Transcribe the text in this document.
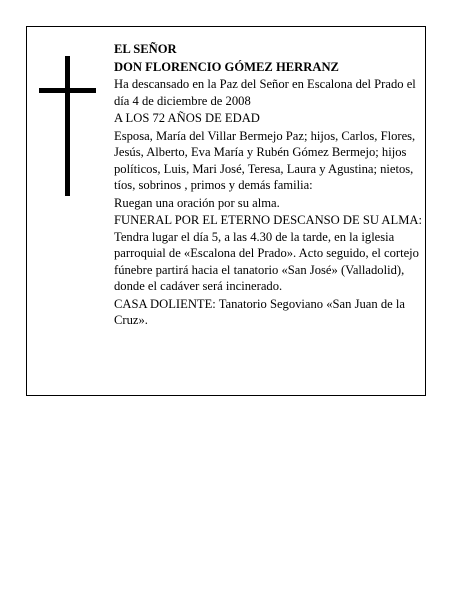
EL SEÑOR

DON FLORENCIO GÓMEZ HERRANZ

Ha descansado en la Paz del Señor en Escalona del Prado el día 4 de diciembre de 2008

A LOS 72 AÑOS DE EDAD

Esposa, María del Villar Bermejo Paz; hijos, Carlos, Flores, Jesús, Alberto, Eva María y Rubén Gómez Bermejo; hijos políticos, Luis, Mari José, Teresa, Laura y Agustina; nietos, tíos, sobrinos , primos y demás familia:

Ruegan una oración por su alma.

FUNERAL POR EL ETERNO DESCANSO DE SU ALMA: Tendra lugar el día 5, a las 4.30 de la tarde, en la iglesia parroquial de «Escalona del Prado». Acto seguido, el cortejo fúnebre partirá hacia el tanatorio «San José» (Valladolid), donde el cadáver será incinerado.

CASA DOLIENTE: Tanatorio Segoviano «San Juan de la Cruz».
